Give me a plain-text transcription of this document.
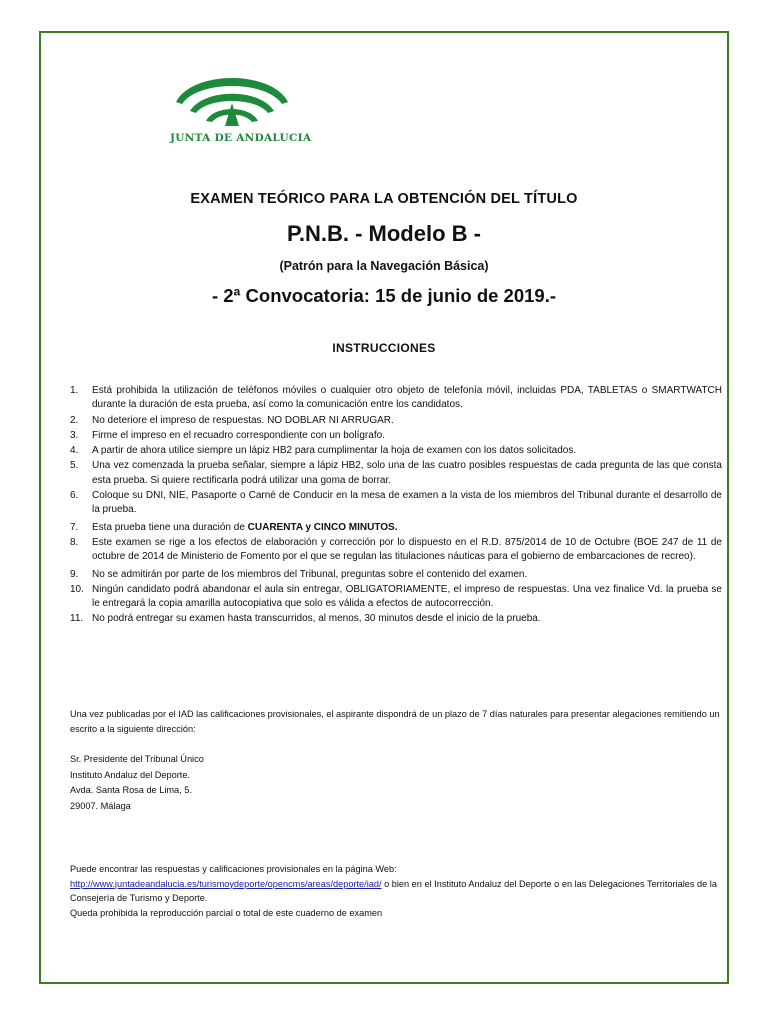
JUNTA DE ANDALUCIA
EXAMEN TEÓRICO PARA LA OBTENCIÓN DEL TÍTULO
P.N.B. - Modelo B -
(Patrón para la Navegación Básica)
- 2ª Convocatoria: 15 de junio de 2019.-
INSTRUCCIONES
1. Está prohibida la utilización de teléfonos móviles o cualquier otro objeto de telefonía móvil, incluidas PDA, TABLETAS o SMARTWATCH durante la duración de esta prueba, así como la comunicación entre los candidatos.
2. No deteriore el impreso de respuestas. NO DOBLAR NI ARRUGAR.
3. Firme el impreso en el recuadro correspondiente con un bolígrafo.
4. A partir de ahora utilice siempre un lápiz HB2 para cumplimentar la hoja de examen con los datos solicitados.
5. Una vez comenzada la prueba señalar, siempre a lápiz HB2, solo una de las cuatro posibles respuestas de cada pregunta de las que consta esta prueba. Si quiere rectificarla podrá utilizar una goma de borrar.
6. Coloque su DNI, NIE, Pasaporte o Carné de Conducir en la mesa de examen a la vista de los miembros del Tribunal durante el desarrollo de la prueba.
7. Esta prueba tiene una duración de CUARENTA y CINCO MINUTOS.
8. Este examen se rige a los efectos de elaboración y corrección por lo dispuesto en el R.D. 875/2014 de 10 de Octubre (BOE 247 de 11 de octubre de 2014 de Ministerio de Fomento por el que se regulan las titulaciones náuticas para el gobierno de embarcaciones de recreo).
9. No se admitirán por parte de los miembros del Tribunal, preguntas sobre el contenido del examen.
10. Ningún candidato podrá abandonar el aula sin entregar, OBLIGATORIAMENTE, el impreso de respuestas. Una vez finalice Vd. la prueba se le entregará la copia amarilla autocopiativa que solo es válida a efectos de autocorrección.
11. No podrá entregar su examen hasta transcurridos, al menos, 30 minutos desde el inicio de la prueba.
Una vez publicadas por el IAD las calificaciones provisionales, el aspirante dispondrá de un plazo de 7 días naturales para presentar alegaciones remitiendo un escrito a la siguiente dirección:
Sr. Presidente del Tribunal Único
Instituto Andaluz del Deporte.
Avda. Santa Rosa de Lima, 5.
29007. Málaga
Puede encontrar las respuestas y calificaciones provisionales en la página Web:
http://www.juntadeandalucia.es/turismoydeporte/opencms/areas/deporte/iad/ o bien en el Instituto Andaluz del Deporte o en las Delegaciones Territoriales de la Consejería de Turismo y Deporte.
Queda prohibida la reproducción parcial o total de este cuaderno de examen
